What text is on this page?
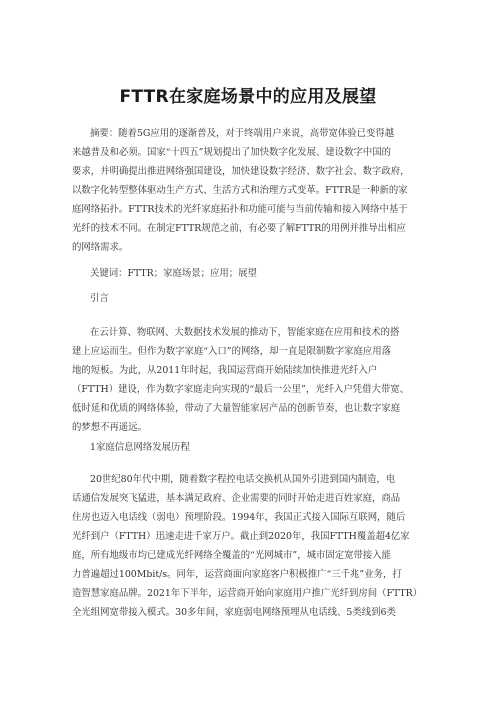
FTTR在家庭场景中的应用及展望

摘要：随着5G应用的逐渐普及，对于终端用户来说，高带宽体验已变得越
来越普及和必须。国家“十四五”规划提出了加快数字化发展、建设数字中国的
要求，并明确提出推进网络强国建设，加快建设数字经济、数字社会、数字政府，
以数字化转型整体驱动生产方式、生活方式和治理方式变革。FTTR是一种新的家
庭网络拓扑。FTTR技术的光纤家庭拓扑和功能可能与当前传输和接入网络中基于
光纤的技术不同。在制定FTTR规范之前，有必要了解FTTR的用例并推导出相应
的网络需求。

关键词：FTTR；家庭场景；应用；展望

引言

在云计算、物联网、大数据技术发展的推动下，智能家庭在应用和技术的搭
建上应运而生。但作为数字家庭“入口”的网络，却一直是限制数字家庭应用落
地的短板。为此，从2011年时起，我国运营商开始陆续加快推进光纤入户
（FTTH）建设，作为数字家庭走向实现的“最后一公里”，光纤入户凭借大带宽、
低时延和优质的网络体验，带动了大量智能家居产品的创新节奏，也让数字家庭
的梦想不再遥远。

1家庭信息网络发展历程

20世纪80年代中期，随着数字程控电话交换机从国外引进到国内制造，电
话通信发展突飞猛进，基本满足政府、企业需要的同时开始走进百姓家庭，商品
住房也迈入电话线（弱电）预埋阶段。1994年，我国正式接入国际互联网，随后
光纤到户（FTTH）迅速走进千家万户。截止到2020年，我国FTTH覆盖超4亿家
庭，所有地级市均已建成光纤网络全覆盖的“光网城市”，城市固定宽带接入能
力普遍超过100Mbit/s。同年，运营商面向家庭客户积极推广“三千兆”业务，打
造智慧家庭品牌。2021年下半年，运营商开始向家庭用户推广光纤到房间（FTTR）
全光组网宽带接入模式。30多年间，家庭弱电网络预埋从电话线、5类线到6类
